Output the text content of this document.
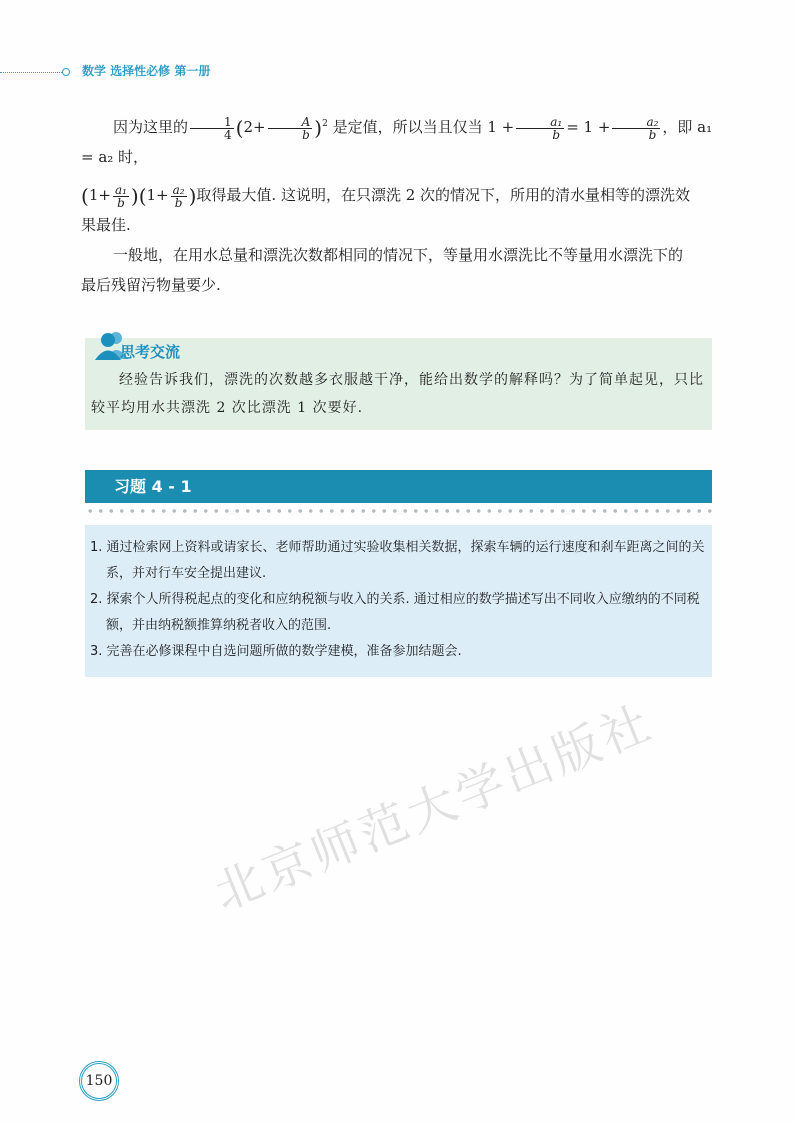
数学 选择性必修 第一册

因为这里的 $\frac{1}{4} (2+ \frac{A}{b} )^2$ 是定值，所以当且仅当 $1 + \frac{\text{a₁}}{b} = 1 + \frac{\text{a₂}}{b}$ ，即 a₁ = a₂ 时，

$(1+ \frac{\text{a₁}}{b} )(1+ \frac{\text{a₂}}{b}$ )取得最大值. 这说明，在只漂洗 2 次的情况下，所用的清水量相等的漂洗效

果最佳.

一般地，在用水总量和漂洗次数都相同的情况下，等量用水漂洗比不等量用水漂洗下的

最后残留污物量要少.

思考交流
经验告诉我们，漂洗的次数越多衣服越干净，能给出数学的解释吗？为了简单起见，只比较平均用水共漂洗 2 次比漂洗 1 次要好.
习题 4 - 1
1. 通过检索网上资料或请家长、老师帮助通过实验收集相关数据，探索车辆的运行速度和刹车距离之间的关系，并对行车安全提出建议.
2. 探索个人所得税起点的变化和应纳税额与收入的关系. 通过相应的数学描述写出不同收入应缴纳的不同税额，并由纳税额推算纳税者收入的范围.
3. 完善在必修课程中自选问题所做的数学建模，准备参加结题会.
北京师范大学出版社
150
